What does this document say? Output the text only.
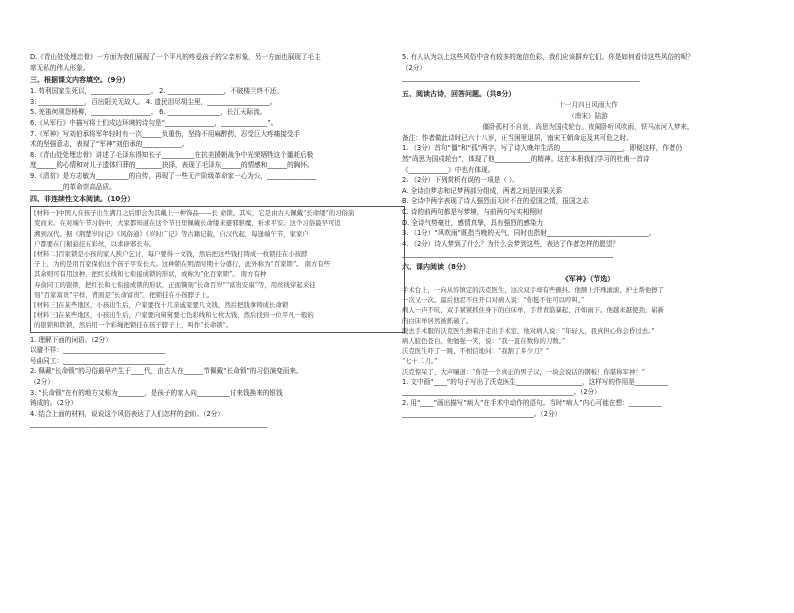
D.《青山处处埋忠骨》一方面为我们展现了一个平凡的疼爱孩子的父亲形象，另一方面也展现了毛主
席无私的伟人形象。
三、根据课文内容填空。（9分）
1. 苟利国家生死以，__________________。 2. _________________，不破楼兰终不还。
3. ______________，百出阳关无故人。 4. 遗民泪尽胡尘里，___________________。
5. 羌笛何须怨杨柳，__________________。 6. ________________，长江天际流。
6.《从军行》中描写将士们戍边环境的诗句是“_______________，______________”。
7.《军神》写刘伯承将军年轻时有一次______负重伤，坚持不用麻醉药，忍受巨大疼痛接受手
术的坚强意志，表现了“军神”刘伯承的____________。
8.《青山处处埋忠骨》讲述了毛泽东得知长子__________在抗美援朝战争中光荣牺牲这个噩耗后极
度______的心情和对儿子遗体归葬的________抉择，表现了毛泽东______的情感和______的胸怀。
9.《清贫》是方志敏为__________的自传，再现了一些无产阶级革命家一心为公，_______________
__________的革命崇高品质。
四、非连续性文本阅读。（10分）
[材料一]中国人在孩子出生满月之后即会为其戴上一种饰品——长 命锁。其实，它是由古人佩戴“长命缕”的习俗演
变而来。在对端午节习俗中，大家都知道在这个节日里佩戴长命缕来避邪驱魔，祈求平安。这个习俗最早可追
溯到汉代。据《荆楚岁时记》《风俗通》《岁时广记》等古籍记载，自汉代起，每逢端午节，家家户
户都要在门楣悬挂五彩丝，以求辟邪长寿。
[材料二]百家锁是小孩的家人挨户乞讨，每户要得一文钱，然后把这些钱打铸成一枚锁挂在小孩脖
子上，为的是用百家保佑这个孩子平安长大。这种锁在明清时期十分盛行，此外称为“百家锁”。 南方有些
其余则可有用这种，把红长线和七衔接成锁的形状，或称为“化百家锁”。 南方有种
寿俞同工的银锁，把红长和七衔接成锁的形状，正面镌刻“长命百岁”“富贵安康”等，用丝线穿起来挂
刻“百家富贵”字样，背面是“长命富贵”，把锁挂在小孩脖子上。
[材料三]在某些地区，小孩出生后，户家要找十几亲戚家要几文钱，然后把钱拿铸成长命锁
[材料三]在某些地区，小孩出生后，户家要向舅舅要七色彩线和七枚大钱，然后找到一位平凡一般的
的银锁和铁锁，然后用一个彩绳把锁挂在孩子脖子上，叫作“长命锁”。
1. 理解下面的词语。（2分）
以避不祥：_______________________________
号曲同工：_______________________________
2. 佩戴“长命锁”的习俗最早产生于____代，由古人在______节佩戴“长命锁”的习俗演变而来。
（2分）
3. “长命锁”在有的地方又称为________，是孩子的家人向__________讨来钱换来的银钱
铸成的。（2分）
4. 结合上面的材料，说说这个风俗表达了人们怎样的企盼。（2分）
________________________________________________________________________
5. 有人认为以上这些风俗中含有较多的迷信色彩，我们应该摒弃它们。你是如何看待这些风俗的呢？
（2分）
________________________________________________________________________
五、阅读古诗，回答问题。（共8分）
十一月四日风雨大作
（南宋）陆游
僵卧孤村不自哀，尚思为国戍轮台。夜阑卧听风吹雨，铁马冰河入梦来。
备注：作者做此诗时已六十八岁，正当困里退居，南宋王朝命运及其可危之时。
1. （3分）首句“僵”和“孤”两字，写了诗人晚年生活的___________________，即便这样，作者仍
然“尚思为国戍轮台”，体现了他___________的精神。这在本册我们学习的杜甫一首诗
《____________》中也有体现。
2. （2分）下列赏析有误的一项是（ ）。
A. 全诗由梦志和记梦两部分组成，两者之间是因果关系
B. 全诗中两字表现了诗人强烈而无时不在的爱国之情，报国之志
C. 诗的前两句都是写梦境，与前两句写实相照时
D. 全诗气势豪壮，感情真挚，具有强烈的感染力
3. （1分）“风吹雨”既指当晚的天气，同时也指射_______________________________。
4. （2分）诗人梦到了什么？为什么会梦到这些，表达了作者怎样的愿望？
________________________________________________________________
六、课内阅读（8分）
《军神》（节选）
手术台上，一向从容镇定的沃克医生，这次双手却有些颤抖。他额上汗珠滚滚，护士帮他擦了
一次又一次。最后他忍不住开口对病人说：“你挺不住可以哼叫。”
病人一声不吭，双手紧紧抓住身下的白床单，手背青筋暴起，汗如雨下。他越来越使劲，崭新
的白床单居然被抓破了。
脱去手术服的沃克医生擦着汗走出手术室，他对病人说：“年轻人，我真担心你会昏过去。”
病人脸色苍白。他勉强一笑，说：“我一直在数你的刀数。”
沃克医生吓了一跳，不相信地问：“我割了多少刀？”
“七十二刀。”
沃克惊呆了，大声嚷道：“你是一个真正的男子汉，一块会说话的钢板！你堪称军神！”
1. 文中画“____”的句子写出了沃克医生____________________，这样写的作用是__________
____________________________________________________。（2分）
2. 用“____”画出描写“病人”在手术中动作的语句。当时“病人”内心可能在想：__________
________________________________________。（2分）
